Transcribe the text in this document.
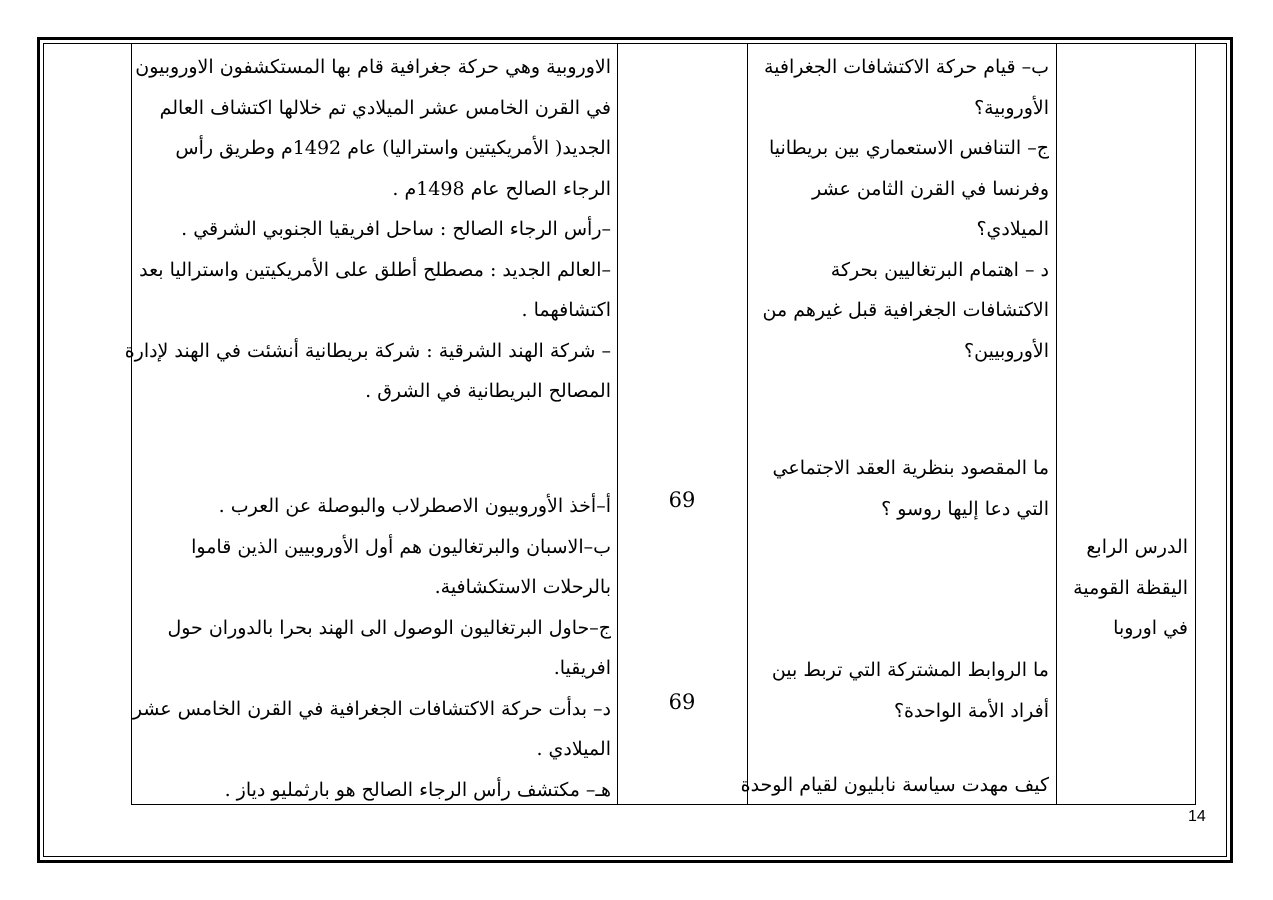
الدرس الرابع

اليقظة القومية

في اوروبا

ب– قيام حركة الاكتشافات الجغرافية

الأوروبية؟

ج– التنافس الاستعماري بين بريطانيا

وفرنسا في القرن الثامن عشر

الميلادي؟

د – اهتمام البرتغاليين بحركة

الاكتشافات الجغرافية قبل غيرهم من

الأوروبيين؟

ما المقصود بنظرية العقد الاجتماعي

التي دعا إليها روسو ؟

ما الروابط المشتركة التي تربط بين

أفراد الأمة الواحدة؟

كيف مهدت سياسة نابليون لقيام الوحدة

69
69

الاوروبية وهي حركة جغرافية قام بها المستكشفون الاوروبيون

في القرن الخامس عشر الميلادي تم خلالها اكتشاف العالم

الجديد( الأمريكيتين واستراليا) عام 1492م وطريق رأس

الرجاء الصالح عام 1498م .

–رأس الرجاء الصالح : ساحل افريقيا الجنوبي الشرقي .

–العالم الجديد : مصطلح أطلق على الأمريكيتين واستراليا بعد

اكتشافهما .

– شركة الهند الشرقية : شركة بريطانية أنشئت في الهند لإدارة

المصالح البريطانية في الشرق .

أ–أخذ الأوروبيون الاصطرلاب والبوصلة عن العرب .

ب–الاسبان والبرتغاليون هم أول الأوروبيين الذين قاموا

بالرحلات الاستكشافية.

ج–حاول البرتغاليون الوصول الى الهند بحرا بالدوران حول

افريقيا.

د– بدأت حركة الاكتشافات الجغرافية في القرن الخامس عشر

الميلادي .

هـ– مكتشف رأس الرجاء الصالح هو بارثمليو دياز .

14
